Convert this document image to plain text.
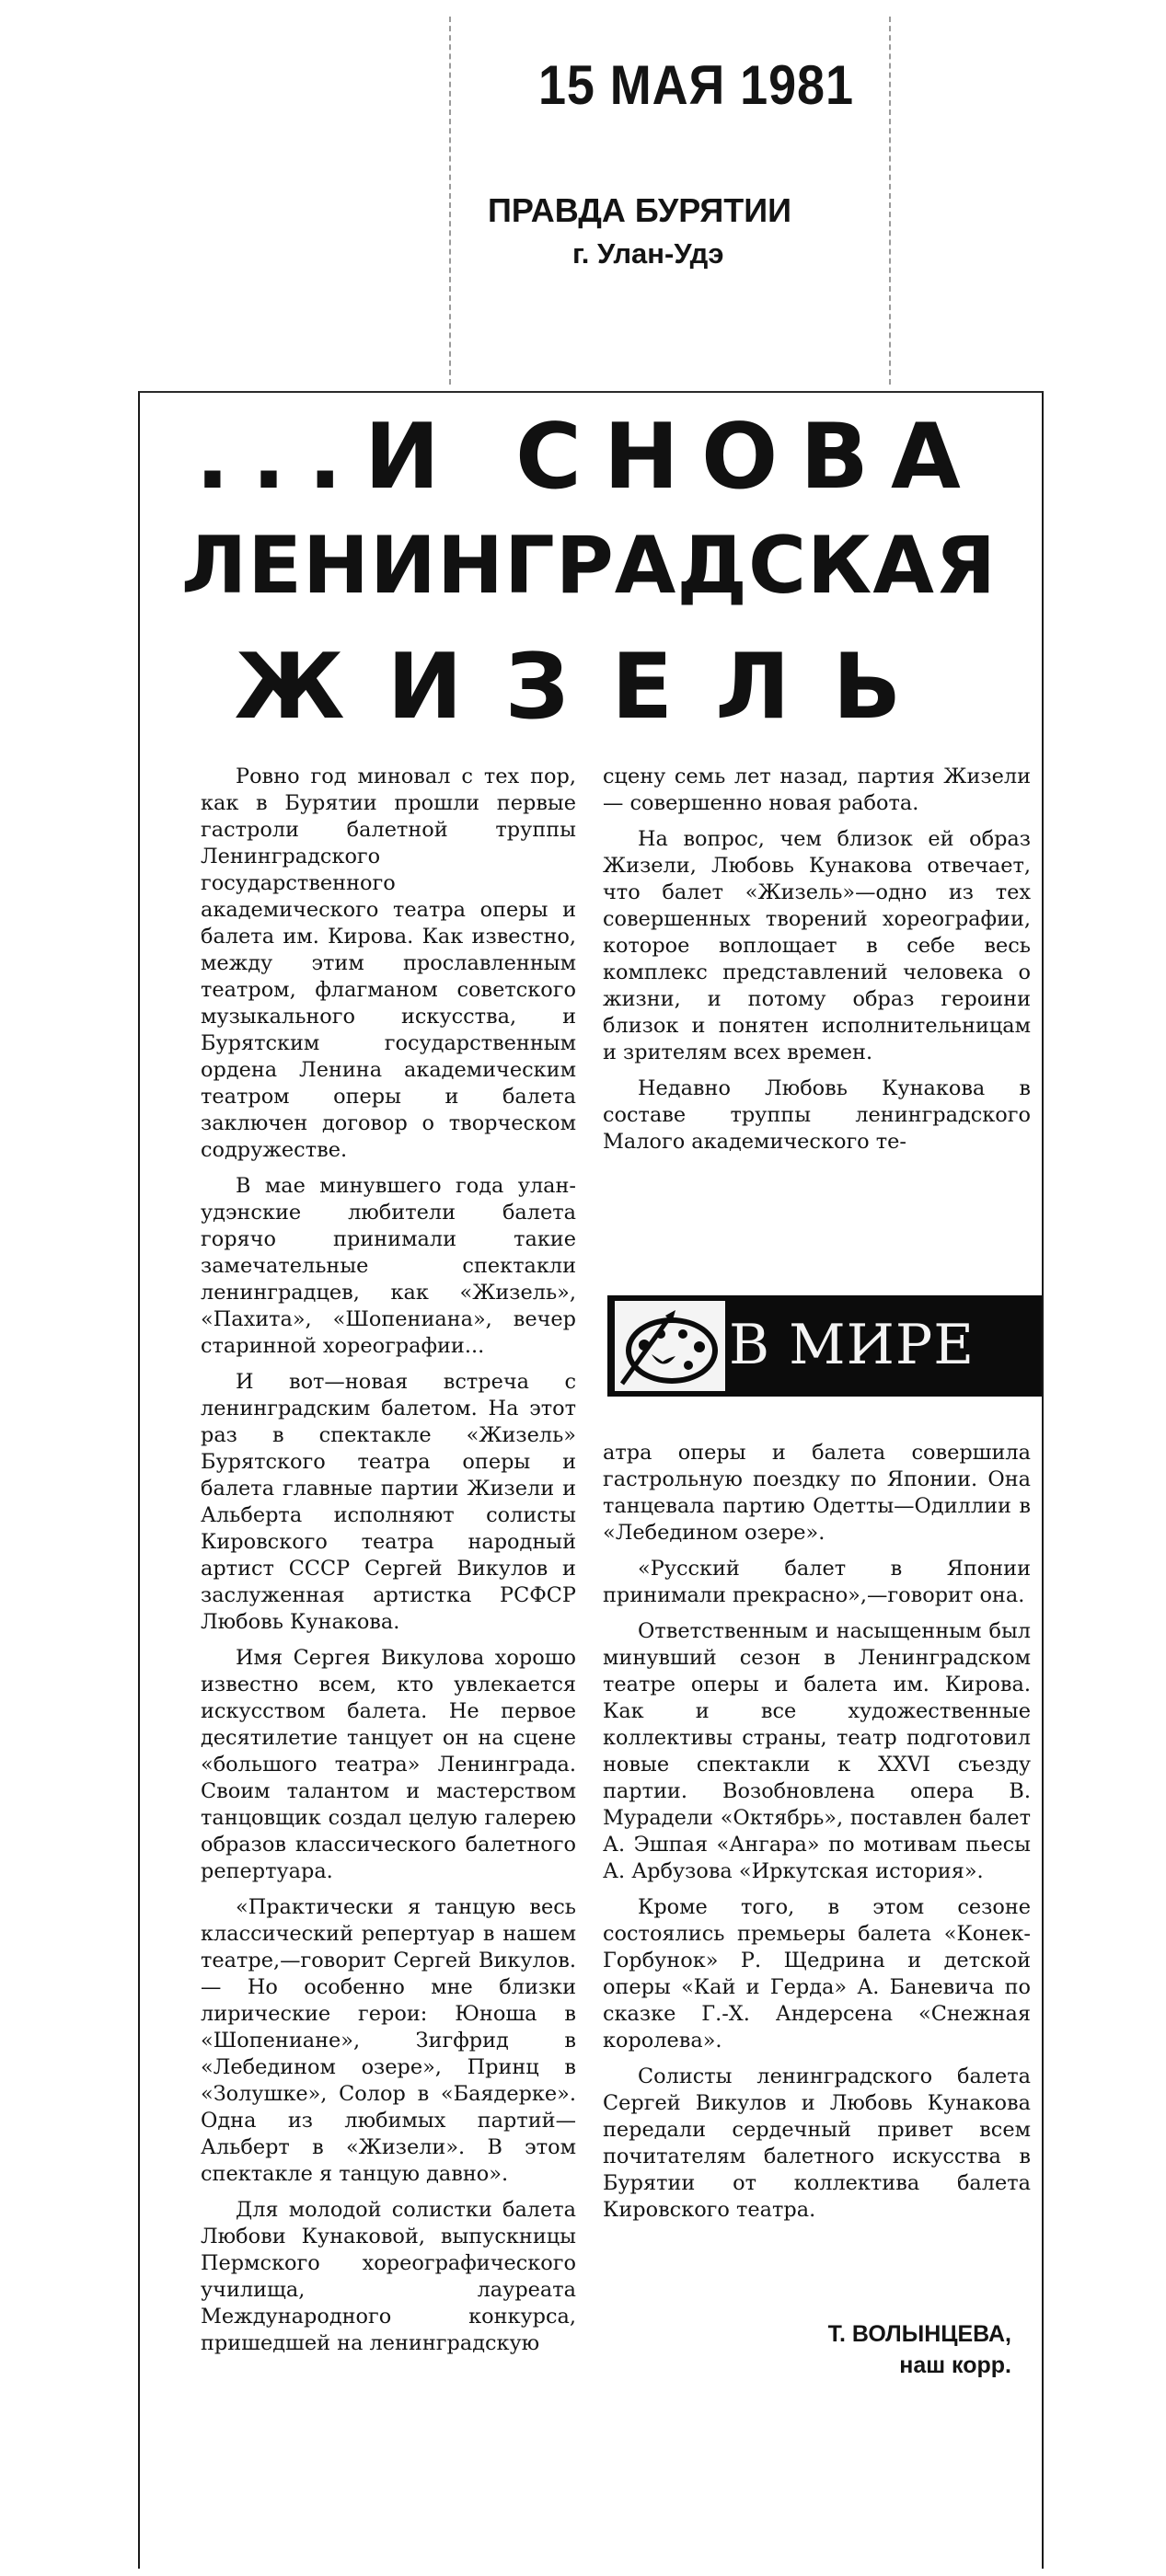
15 МАЯ 1981
ПРАВДА БУРЯТИИ
г. Улан-Удэ
...И СНОВА
ЛЕНИНГРАДСКАЯ
ЖИЗЕЛЬ

Ровно год миновал с тех пор, как в Бурятии прошли первые гастроли балетной труппы Ленинградского государственного академического театра оперы и балета им. Кирова. Как известно, между этим прославленным театром, флагманом советского музыкального искусства, и Бурятским государственным ордена Ленина академическим театром оперы и балета заключен договор о творческом содружестве.

В мае минувшего года улан-удэнские любители балета горячо принимали такие замечательные спектакли ленинградцев, как «Жизель», «Пахита», «Шопениана», вечер старинной хореографии...

И вот—новая встреча с ленинградским балетом. На этот раз в спектакле «Жизель» Бурятского театра оперы и балета главные партии Жизели и Альберта исполняют солисты Кировского театра народный артист СССР Сергей Викулов и заслуженная артистка РСФСР Любовь Кунакова.

Имя Сергея Викулова хорошо известно всем, кто увлекается искусством балета. Не первое десятилетие танцует он на сцене «большого театра» Ленинграда. Своим талантом и мастерством танцовщик создал целую галерею образов классического балетного репертуара.

«Практически я танцую весь классический репертуар в нашем театре,—говорит Сергей Викулов. — Но особенно мне близки лирические герои: Юноша в «Шопениане», Зигфрид в «Лебедином озере», Принц в «Золушке», Солор в «Баядерке». Одна из любимых партий—Альберт в «Жизели». В этом спектакле я танцую давно».

Для молодой солистки балета Любови Кунаковой, выпускницы Пермского хореографического училища, лауреата Международного конкурса, пришедшей на ленинградскую

сцену семь лет назад, партия Жизели — совершенно новая работа.

На вопрос, чем близок ей образ Жизели, Любовь Кунакова отвечает, что балет «Жизель»—одно из тех совершенных творений хореографии, которое воплощает в себе весь комплекс представлений человека о жизни, и потому образ героини близок и понятен исполнительницам и зрителям всех времен.

Недавно Любовь Кунакова в составе труппы ленинградского Малого академического те-

В МИРЕ

атра оперы и балета совершила гастрольную поездку по Японии. Она танцевала партию Одетты—Одиллии в «Лебедином озере».

«Русский балет в Японии принимали прекрасно»,—говорит она.

Ответственным и насыщенным был минувший сезон в Ленинградском театре оперы и балета им. Кирова. Как и все художественные коллективы страны, театр подготовил новые спектакли к XXVI съезду партии. Возобновлена опера В. Мурадели «Октябрь», поставлен балет А. Эшпая «Ангара» по мотивам пьесы А. Арбузова «Иркутская история».

Кроме того, в этом сезоне состоялись премьеры балета «Конек-Горбунок» Р. Щедрина и детской оперы «Кай и Герда» А. Баневича по сказке Г.-Х. Андерсена «Снежная королева».

Солисты ленинградского балета Сергей Викулов и Любовь Кунакова передали сердечный привет всем почитателям балетного искусства в Бурятии от коллектива балета Кировского театра.

Т. ВОЛЫНЦЕВА,
наш корр.
